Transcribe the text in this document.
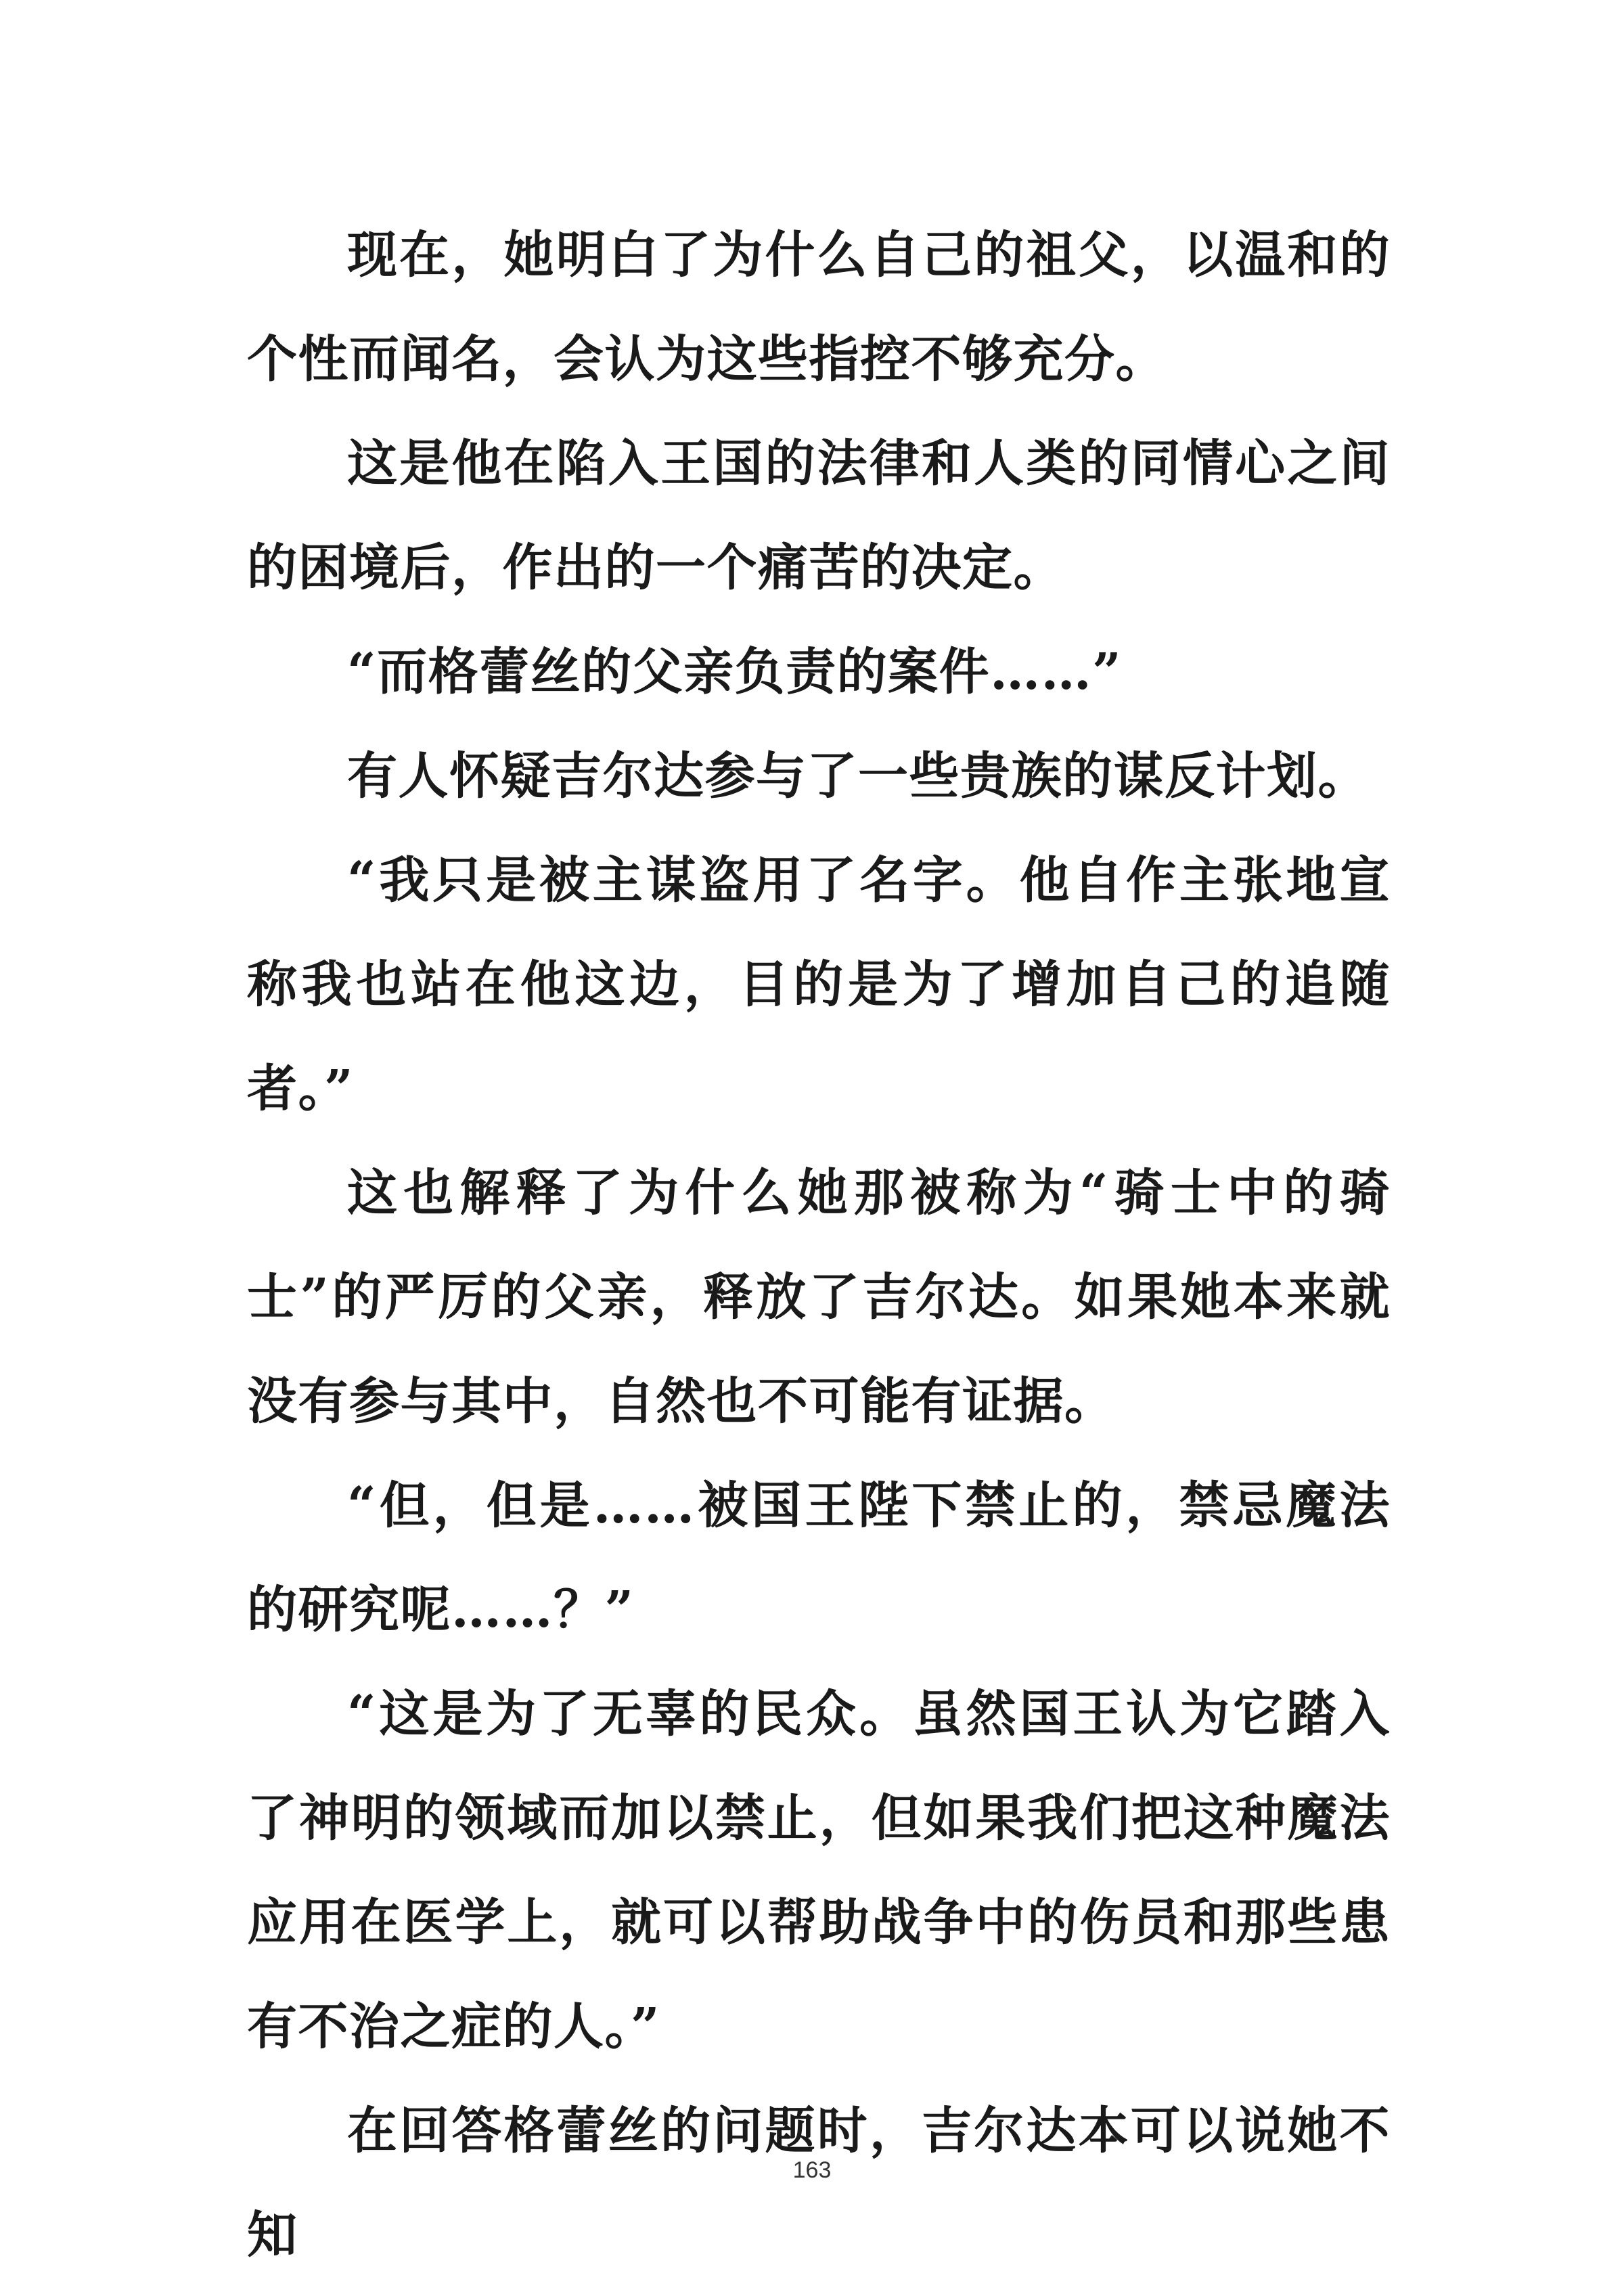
现在，她明白了为什么自己的祖父，以温和的个性而闻名，会认为这些指控不够充分。

这是他在陷入王国的法律和人类的同情心之间的困境后，作出的一个痛苦的决定。

“而格蕾丝的父亲负责的案件……”

有人怀疑吉尔达参与了一些贵族的谋反计划。

“我只是被主谋盗用了名字。他自作主张地宣称我也站在他这边，目的是为了增加自己的追随者。”

这也解释了为什么她那被称为“骑士中的骑士”的严厉的父亲，释放了吉尔达。如果她本来就没有参与其中，自然也不可能有证据。

“但，但是……被国王陛下禁止的，禁忌魔法的研究呢……？”

“这是为了无辜的民众。虽然国王认为它踏入了神明的领域而加以禁止，但如果我们把这种魔法应用在医学上，就可以帮助战争中的伤员和那些患有不治之症的人。”

在回答格蕾丝的问题时，吉尔达本可以说她不知

163
